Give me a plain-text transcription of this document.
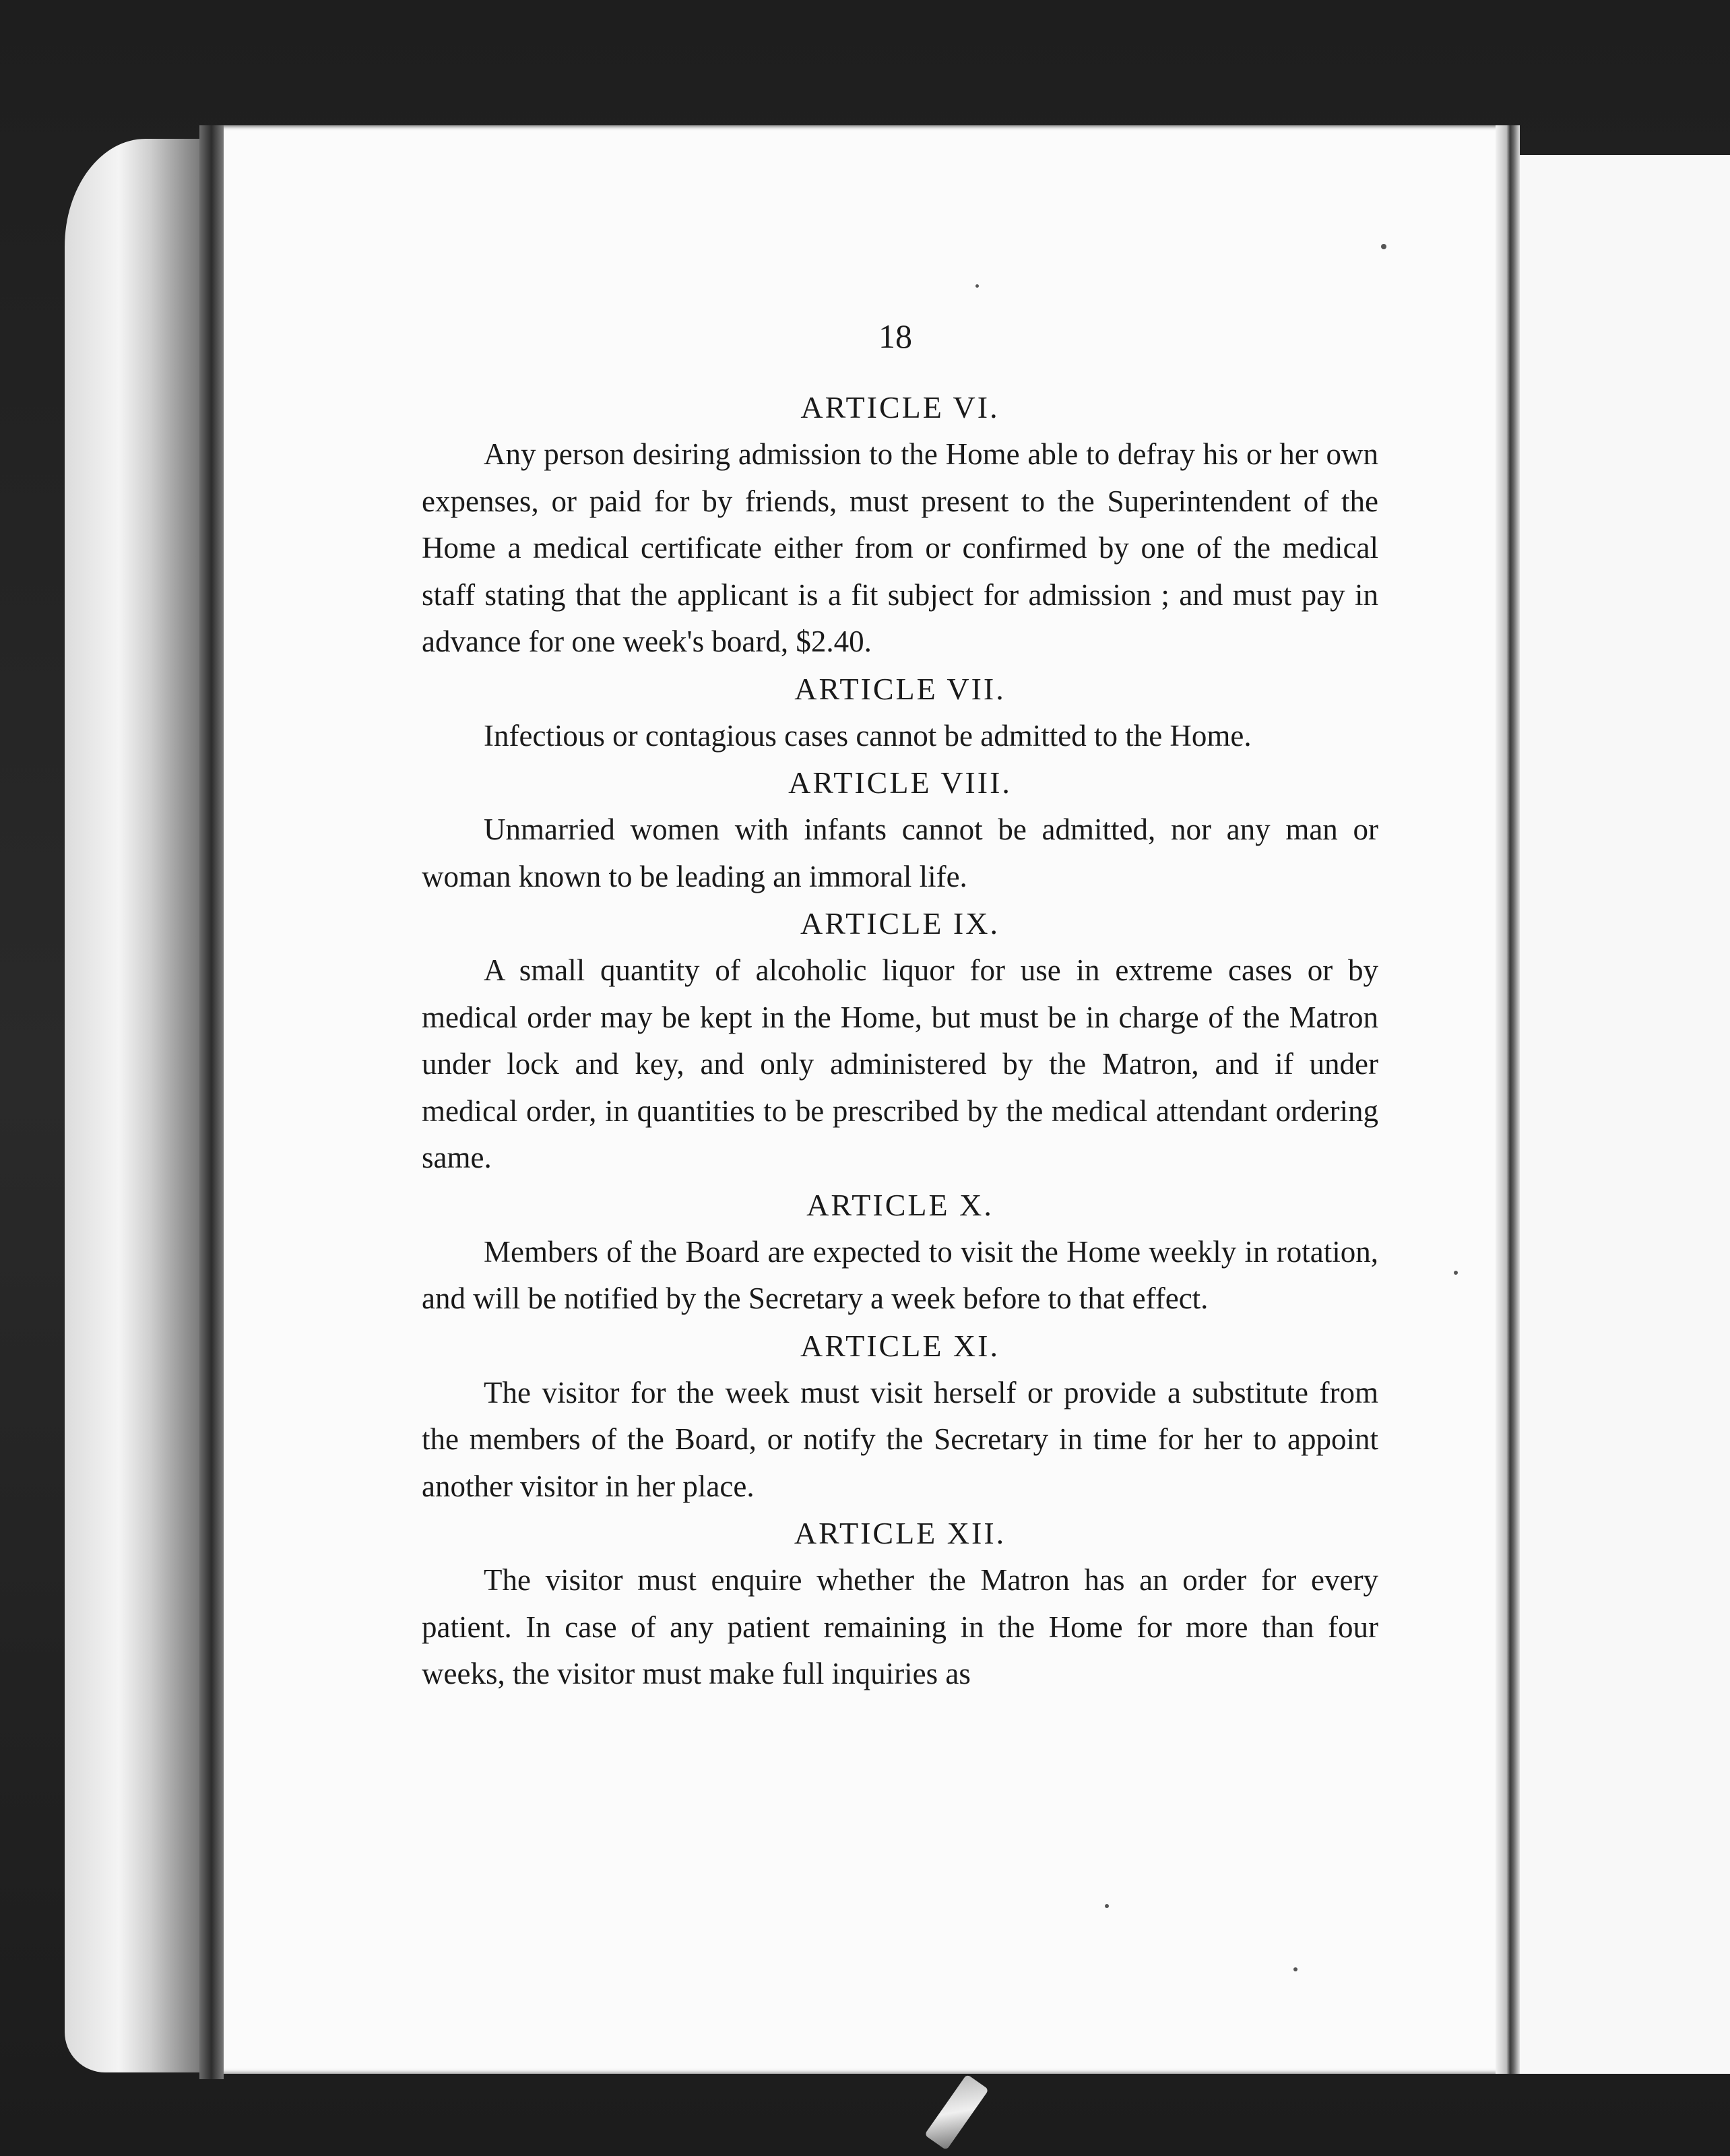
18
ARTICLE VI.

Any person desiring admission to the Home able to defray his or her own expenses, or paid for by friends, must present to the Superintendent of the Home a medical certificate either from or confirmed by one of the medical staff stating that the applicant is a fit subject for admission ; and must pay in advance for one week's board, $2.40.

ARTICLE VII.

Infectious or contagious cases cannot be admitted to the Home.

ARTICLE VIII.

Unmarried women with infants cannot be admitted, nor any man or woman known to be leading an immoral life.

ARTICLE IX.

A small quantity of alcoholic liquor for use in extreme cases or by medical order may be kept in the Home, but must be in charge of the Matron under lock and key, and only administered by the Matron, and if under medical order, in quantities to be prescribed by the medical attendant ordering same.

ARTICLE X.

Members of the Board are expected to visit the Home weekly in rotation, and will be notified by the Secretary a week before to that effect.

ARTICLE XI.

The visitor for the week must visit herself or provide a substitute from the members of the Board, or notify the Secretary in time for her to appoint another visitor in her place.

ARTICLE XII.

The visitor must enquire whether the Matron has an order for every patient. In case of any patient remaining in the Home for more than four weeks, the visitor must make full inquiries as
